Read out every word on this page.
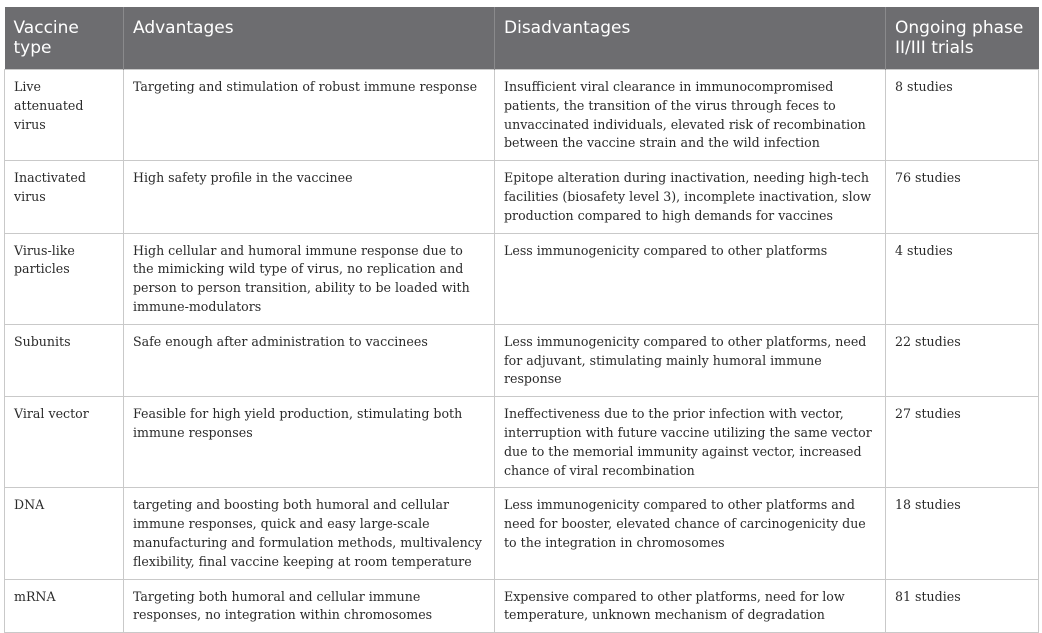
Vaccine type	Advantages	Disadvantages	Ongoing phase II/III trials
Live attenuated virus	Targeting and stimulation of robust immune response	Insufficient viral clearance in immunocompromised patients, the transition of the virus through feces to unvaccinated individuals, elevated risk of recombination between the vaccine strain and the wild infection	8 studies
Inactivated virus	High safety profile in the vaccinee	Epitope alteration during inactivation, needing high-tech facilities (biosafety level 3), incomplete inactivation, slow production compared to high demands for vaccines	76 studies
Virus-like particles	High cellular and humoral immune response due to the mimicking wild type of virus, no replication and person to person transition, ability to be loaded with immune-modulators	Less immunogenicity compared to other platforms	4 studies
Subunits	Safe enough after administration to vaccinees	Less immunogenicity compared to other platforms, need for adjuvant, stimulating mainly humoral immune response	22 studies
Viral vector	Feasible for high yield production, stimulating both immune responses	Ineffectiveness due to the prior infection with vector, interruption with future vaccine utilizing the same vector due to the memorial immunity against vector, increased chance of viral recombination	27 studies
DNA	targeting and boosting both humoral and cellular immune responses, quick and easy large-scale manufacturing and formulation methods, multivalency flexibility, final vaccine keeping at room temperature	Less immunogenicity compared to other platforms and need for booster, elevated chance of carcinogenicity due to the integration in chromosomes	18 studies
mRNA	Targeting both humoral and cellular immune responses, no integration within chromosomes	Expensive compared to other platforms, need for low temperature, unknown mechanism of degradation	81 studies
